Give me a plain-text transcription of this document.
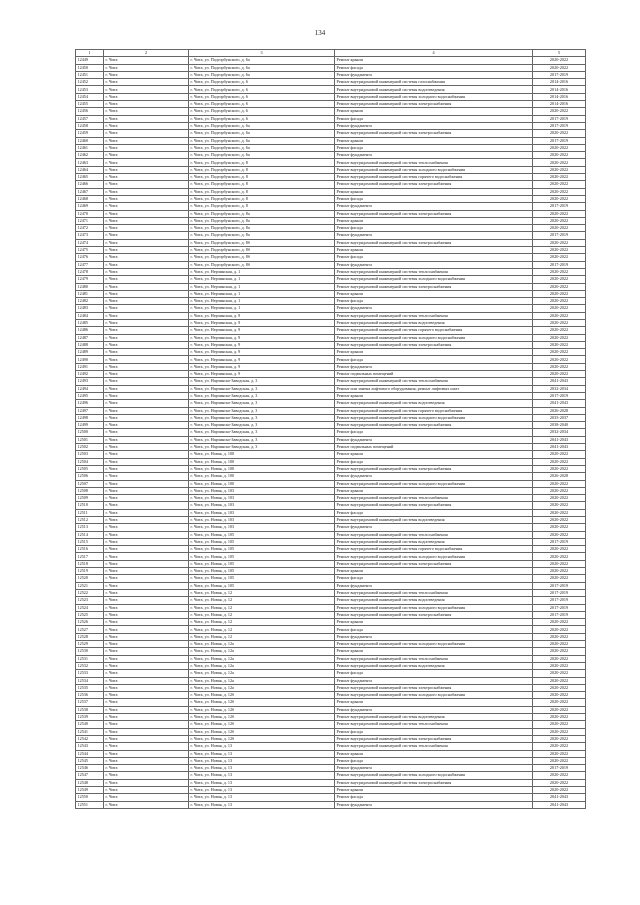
134
1	2	3	4	5
12449	г. Чита	г. Чита, ул. Подгорбунского, д. 6а	Ремонт крыши	2020-2022
12450	г. Чита	г. Чита, ул. Подгорбунского, д. 6а	Ремонт фасада	2020-2022
12451	г. Чита	г. Чита, ул. Подгорбунского, д. 6а	Ремонт фундамента	2017-2019
12452	г. Чита	г. Чита, ул. Подгорбунского, д. 6	Ремонт внутридомовой инженерной системы газоснабжения	2014-2016
12453	г. Чита	г. Чита, ул. Подгорбунского, д. 6	Ремонт внутридомовой инженерной системы водоотведения	2014-2016
12454	г. Чита	г. Чита, ул. Подгорбунского, д. 6	Ремонт внутридомовой инженерной системы холодного водоснабжения	2014-2016
12455	г. Чита	г. Чита, ул. Подгорбунского, д. 6	Ремонт внутридомовой инженерной системы электроснабжения	2014-2016
12456	г. Чита	г. Чита, ул. Подгорбунского, д. 6	Ремонт крыши	2020-2022
12457	г. Чита	г. Чита, ул. Подгорбунского, д. 6	Ремонт фасада	2017-2019
12458	г. Чита	г. Чита, ул. Подгорбунского, д. 6а	Ремонт фундамента	2017-2019
12459	г. Чита	г. Чита, ул. Подгорбунского, д. 6а	Ремонт внутридомовой инженерной системы электроснабжения	2020-2022
12460	г. Чита	г. Чита, ул. Подгорбунского, д. 6а	Ремонт крыши	2017-2019
12461	г. Чита	г. Чита, ул. Подгорбунского, д. 6а	Ремонт фасада	2020-2022
12462	г. Чита	г. Чита, ул. Подгорбунского, д. 6а	Ремонт фундамента	2020-2022
12463	г. Чита	г. Чита, ул. Подгорбунского, д. 8	Ремонт внутридомовой инженерной системы теплоснабжения	2020-2022
12464	г. Чита	г. Чита, ул. Подгорбунского, д. 8	Ремонт внутридомовой инженерной системы холодного водоснабжения	2020-2022
12465	г. Чита	г. Чита, ул. Подгорбунского, д. 8	Ремонт внутридомовой инженерной системы горячего водоснабжения	2020-2022
12466	г. Чита	г. Чита, ул. Подгорбунского, д. 8	Ремонт внутридомовой инженерной системы электроснабжения	2020-2022
12467	г. Чита	г. Чита, ул. Подгорбунского, д. 8	Ремонт крыши	2020-2022
12468	г. Чита	г. Чита, ул. Подгорбунского, д. 8	Ремонт фасада	2020-2022
12469	г. Чита	г. Чита, ул. Подгорбунского, д. 8	Ремонт фундамента	2017-2019
12470	г. Чита	г. Чита, ул. Подгорбунского, д. 8а	Ремонт внутридомовой инженерной системы электроснабжения	2020-2022
12471	г. Чита	г. Чита, ул. Подгорбунского, д. 8а	Ремонт крыши	2020-2022
12472	г. Чита	г. Чита, ул. Подгорбунского, д. 8а	Ремонт фасада	2020-2022
12473	г. Чита	г. Чита, ул. Подгорбунского, д. 8а	Ремонт фундамента	2017-2019
12474	г. Чита	г. Чита, ул. Подгорбунского, д. 8б	Ремонт внутридомовой инженерной системы электроснабжения	2020-2022
12475	г. Чита	г. Чита, ул. Подгорбунского, д. 8б	Ремонт крыши	2020-2022
12476	г. Чита	г. Чита, ул. Подгорбунского, д. 8б	Ремонт фасада	2020-2022
12477	г. Чита	г. Чита, ул. Подгорбунского, д. 8б	Ремонт фундамента	2017-2019
12478	г. Чита	г. Чита, ул. Нерчинская, д. 1	Ремонт внутридомовой инженерной системы теплоснабжения	2020-2022
12479	г. Чита	г. Чита, ул. Нерчинская, д. 1	Ремонт внутридомовой инженерной системы холодного водоснабжения	2020-2022
12480	г. Чита	г. Чита, ул. Нерчинская, д. 1	Ремонт внутридомовой инженерной системы электроснабжения	2020-2022
12481	г. Чита	г. Чита, ул. Нерчинская, д. 1	Ремонт крыши	2020-2022
12482	г. Чита	г. Чита, ул. Нерчинская, д. 1	Ремонт фасада	2020-2022
12483	г. Чита	г. Чита, ул. Нерчинская, д. 1	Ремонт фундамента	2020-2022
12484	г. Чита	г. Чита, ул. Нерчинская, д. 9	Ремонт внутридомовой инженерной системы теплоснабжения	2020-2022
12485	г. Чита	г. Чита, ул. Нерчинская, д. 9	Ремонт внутридомовой инженерной системы водоотведения	2020-2022
12486	г. Чита	г. Чита, ул. Нерчинская, д. 9	Ремонт внутридомовой инженерной системы горячего водоснабжения	2020-2022
12487	г. Чита	г. Чита, ул. Нерчинская, д. 9	Ремонт внутридомовой инженерной системы холодного водоснабжения	2020-2022
12488	г. Чита	г. Чита, ул. Нерчинская, д. 9	Ремонт внутридомовой инженерной системы электроснабжения	2020-2022
12489	г. Чита	г. Чита, ул. Нерчинская, д. 9	Ремонт крыши	2020-2022
12490	г. Чита	г. Чита, ул. Нерчинская, д. 9	Ремонт фасада	2020-2022
12491	г. Чита	г. Чита, ул. Нерчинская, д. 9	Ремонт фундамента	2020-2022
12492	г. Чита	г. Чита, ул. Нерчинская, д. 9	Ремонт подвальных помещений	2020-2022
12493	г. Чита	г. Чита, ул. Нарчинско-Заводская, д. 3	Ремонт внутридомовой инженерной системы теплоснабжения	2041-2043
12494	г. Чита	г. Чита, ул. Нарчинско-Заводская, д. 3	Ремонт или замена лифтового оборудования, ремонт лифтовых шахт	2032-2034
12495	г. Чита	г. Чита, ул. Нарчинско-Заводская, д. 3	Ремонт крыши	2017-2019
12496	г. Чита	г. Чита, ул. Нарчинско-Заводская, д. 3	Ремонт внутридомовой инженерной системы водоотведения	2041-2043
12497	г. Чита	г. Чита, ул. Нарчинско-Заводская, д. 3	Ремонт внутридомовой инженерной системы горячего водоснабжения	2026-2028
12498	г. Чита	г. Чита, ул. Нарчинско-Заводская, д. 3	Ремонт внутридомовой инженерной системы холодного водоснабжения	2035-2037
12499	г. Чита	г. Чита, ул. Нарчинско-Заводская, д. 3	Ремонт внутридомовой инженерной системы электроснабжения	2038-2040
12500	г. Чита	г. Чита, ул. Нарчинско-Заводская, д. 3	Ремонт фасада	2032-2034
12501	г. Чита	г. Чита, ул. Нарчинско-Заводская, д. 3	Ремонт фундамента	2041-2043
12502	г. Чита	г. Чита, ул. Нарчинско-Заводская, д. 3	Ремонт подвальных помещений	2041-2043
12503	г. Чита	г. Чита, ул. Новая, д. 100	Ремонт крыши	2020-2022
12504	г. Чита	г. Чита, ул. Новая, д. 100	Ремонт фасада	2020-2022
12505	г. Чита	г. Чита, ул. Новая, д. 100	Ремонт внутридомовой инженерной системы электроснабжения	2020-2022
12506	г. Чита	г. Чита, ул. Новая, д. 100	Ремонт фундамента	2026-2028
12507	г. Чита	г. Чита, ул. Новая, д. 100	Ремонт внутридомовой инженерной системы холодного водоснабжения	2020-2022
12508	г. Чита	г. Чита, ул. Новая, д. 103	Ремонт крыши	2020-2022
12509	г. Чита	г. Чита, ул. Новая, д. 103	Ремонт внутридомовой инженерной системы теплоснабжения	2020-2022
12510	г. Чита	г. Чита, ул. Новая, д. 103	Ремонт внутридомовой инженерной системы электроснабжения	2020-2022
12511	г. Чита	г. Чита, ул. Новая, д. 103	Ремонт фасада	2020-2022
12512	г. Чита	г. Чита, ул. Новая, д. 103	Ремонт внутридомовой инженерной системы водоотведения	2020-2022
12513	г. Чита	г. Чита, ул. Новая, д. 103	Ремонт фундамента	2020-2022
12514	г. Чита	г. Чита, ул. Новая, д. 105	Ремонт внутридомовой инженерной системы теплоснабжения	2020-2022
12515	г. Чита	г. Чита, ул. Новая, д. 105	Ремонт внутридомовой инженерной системы водоотведения	2017-2019
12516	г. Чита	г. Чита, ул. Новая, д. 105	Ремонт внутридомовой инженерной системы горячего водоснабжения	2020-2022
12517	г. Чита	г. Чита, ул. Новая, д. 105	Ремонт внутридомовой инженерной системы холодного водоснабжения	2020-2022
12518	г. Чита	г. Чита, ул. Новая, д. 105	Ремонт внутридомовой инженерной системы электроснабжения	2020-2022
12519	г. Чита	г. Чита, ул. Новая, д. 105	Ремонт крыши	2020-2022
12520	г. Чита	г. Чита, ул. Новая, д. 105	Ремонт фасада	2020-2022
12521	г. Чита	г. Чита, ул. Новая, д. 105	Ремонт фундамента	2017-2019
12522	г. Чита	г. Чита, ул. Новая, д. 12	Ремонт внутридомовой инженерной системы теплоснабжения	2017-2019
12523	г. Чита	г. Чита, ул. Новая, д. 12	Ремонт внутридомовой инженерной системы водоотведения	2017-2019
12524	г. Чита	г. Чита, ул. Новая, д. 12	Ремонт внутридомовой инженерной системы холодного водоснабжения	2017-2019
12525	г. Чита	г. Чита, ул. Новая, д. 12	Ремонт внутридомовой инженерной системы электроснабжения	2017-2019
12526	г. Чита	г. Чита, ул. Новая, д. 12	Ремонт крыши	2020-2022
12527	г. Чита	г. Чита, ул. Новая, д. 12	Ремонт фасада	2020-2022
12528	г. Чита	г. Чита, ул. Новая, д. 12	Ремонт фундамента	2020-2022
12529	г. Чита	г. Чита, ул. Новая, д. 12а	Ремонт внутридомовой инженерной системы холодного водоснабжения	2020-2022
12530	г. Чита	г. Чита, ул. Новая, д. 12а	Ремонт крыши	2020-2022
12531	г. Чита	г. Чита, ул. Новая, д. 12а	Ремонт внутридомовой инженерной системы теплоснабжения	2020-2022
12532	г. Чита	г. Чита, ул. Новая, д. 12а	Ремонт внутридомовой инженерной системы водоотведения	2020-2022
12533	г. Чита	г. Чита, ул. Новая, д. 12а	Ремонт фасада	2020-2022
12534	г. Чита	г. Чита, ул. Новая, д. 12а	Ремонт фундамента	2020-2022
12535	г. Чита	г. Чита, ул. Новая, д. 12а	Ремонт внутридомовой инженерной системы электроснабжения	2020-2022
12536	г. Чита	г. Чита, ул. Новая, д. 12б	Ремонт внутридомовой инженерной системы холодного водоснабжения	2020-2022
12537	г. Чита	г. Чита, ул. Новая, д. 12б	Ремонт крыши	2020-2022
12538	г. Чита	г. Чита, ул. Новая, д. 12б	Ремонт фундамента	2020-2022
12539	г. Чита	г. Чита, ул. Новая, д. 12б	Ремонт внутридомовой инженерной системы водоотведения	2020-2022
12540	г. Чита	г. Чита, ул. Новая, д. 12б	Ремонт внутридомовой инженерной системы теплоснабжения	2020-2022
12541	г. Чита	г. Чита, ул. Новая, д. 12б	Ремонт фасада	2020-2022
12542	г. Чита	г. Чита, ул. Новая, д. 12б	Ремонт внутридомовой инженерной системы электроснабжения	2020-2022
12543	г. Чита	г. Чита, ул. Новая, д. 13	Ремонт внутридомовой инженерной системы теплоснабжения	2020-2022
12544	г. Чита	г. Чита, ул. Новая, д. 13	Ремонт крыши	2020-2022
12545	г. Чита	г. Чита, ул. Новая, д. 13	Ремонт фасада	2020-2022
12546	г. Чита	г. Чита, ул. Новая, д. 13	Ремонт фундамента	2017-2019
12547	г. Чита	г. Чита, ул. Новая, д. 13	Ремонт внутридомовой инженерной системы холодного водоснабжения	2020-2022
12548	г. Чита	г. Чита, ул. Новая, д. 13	Ремонт внутридомовой инженерной системы электроснабжения	2020-2022
12549	г. Чита	г. Чита, ул. Новая, д. 13	Ремонт крыши	2020-2022
12550	г. Чита	г. Чита, ул. Новая, д. 13	Ремонт фасада	2041-2043
12551	г. Чита	г. Чита, ул. Новая, д. 13	Ремонт фундамента	2041-2043
